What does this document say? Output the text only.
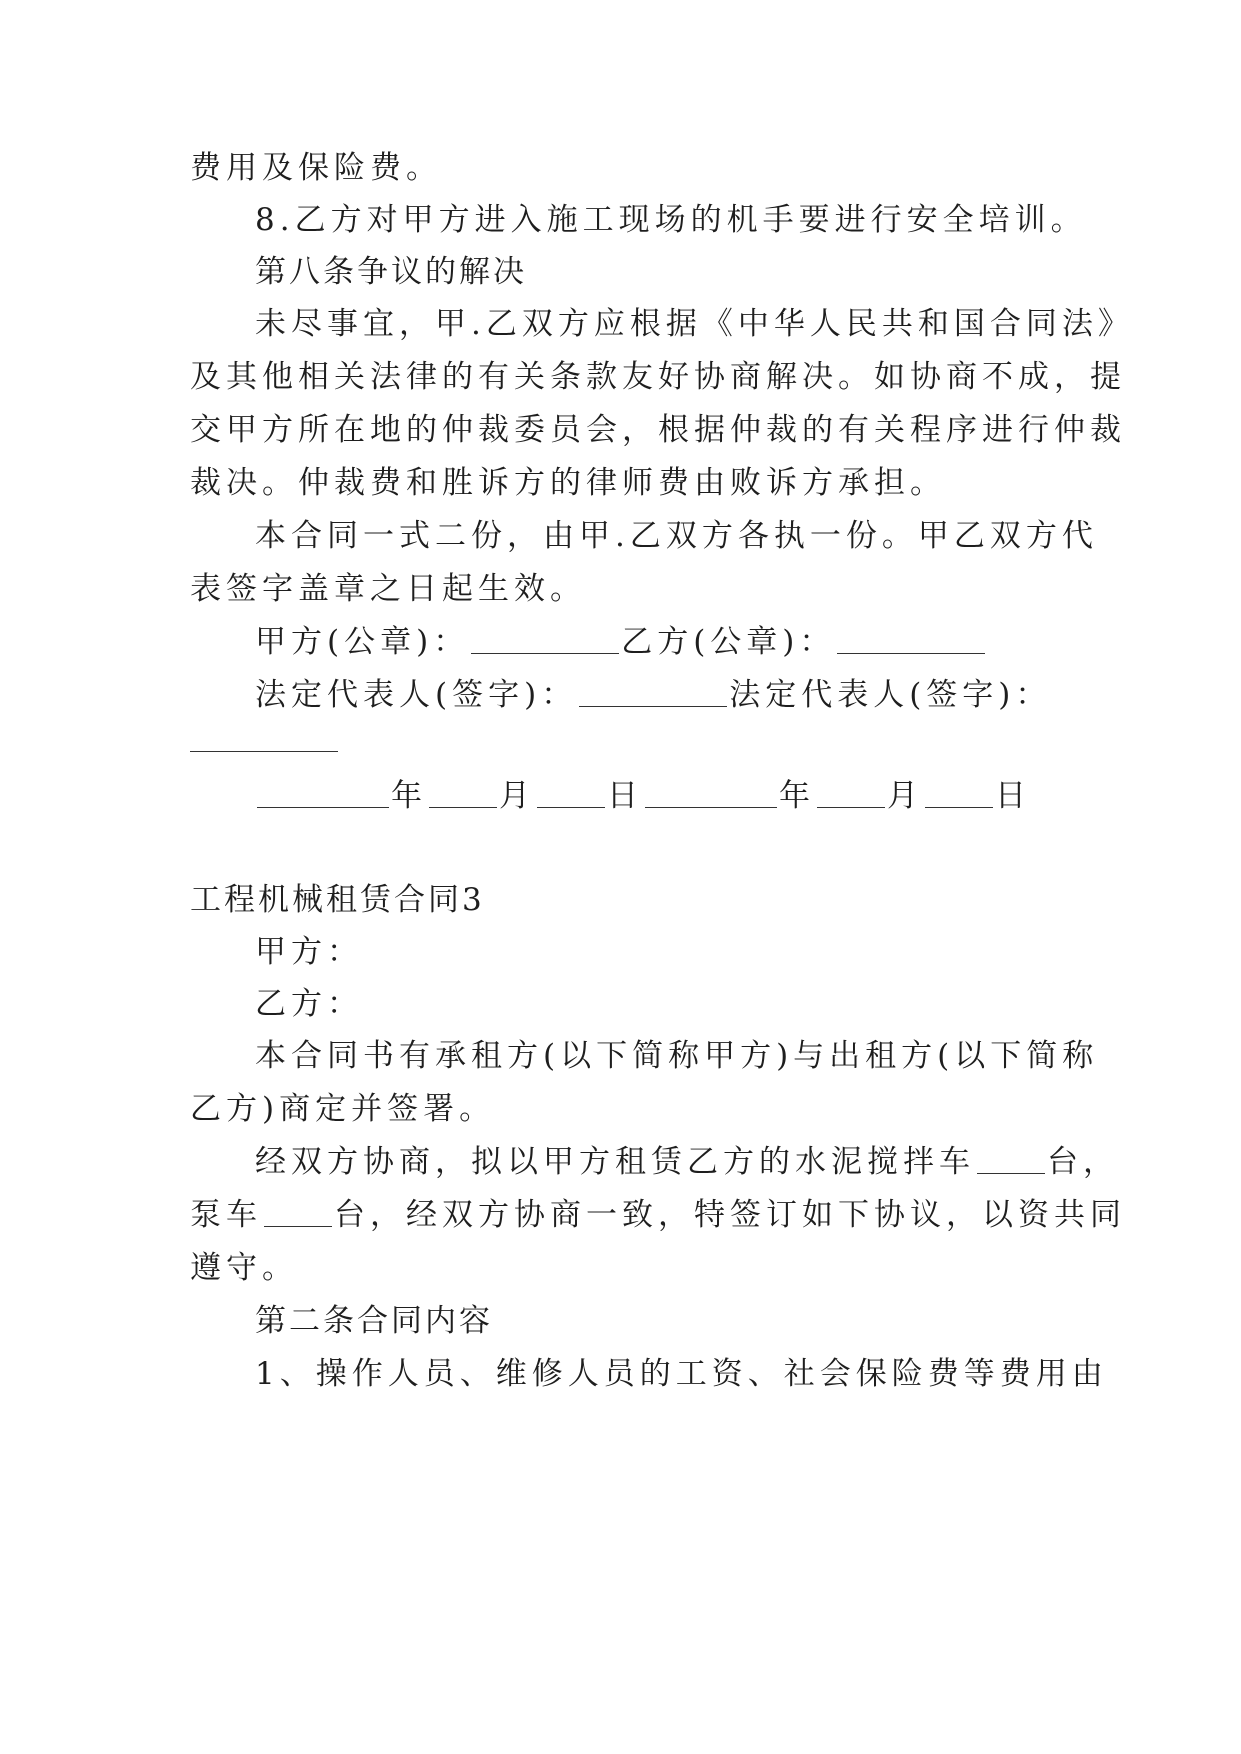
费用及保险费。
8.乙方对甲方进入施工现场的机手要进行安全培训。
第八条争议的解决
未尽事宜，甲.乙双方应根据《中华人民共和国合同法》
及其他相关法律的有关条款友好协商解决。如协商不成，提
交甲方所在地的仲裁委员会，根据仲裁的有关程序进行仲裁
裁决。仲裁费和胜诉方的律师费由败诉方承担。
本合同一式二份，由甲.乙双方各执一份。甲乙双方代
表签字盖章之日起生效。
甲方(公章)：	乙方(公章)：
法定代表人(签字)：	法定代表人(签字)：
年 月 日	年 月 日
工程机械租赁合同3
甲方：
乙方：
本合同书有承租方(以下简称甲方)与出租方(以下简称
乙方)商定并签署。
经双方协商，拟以甲方租赁乙方的水泥搅拌车 台，
泵车 台，经双方协商一致，特签订如下协议，以资共同
遵守。
第二条合同内容
1、操作人员、维修人员的工资、社会保险费等费用由
